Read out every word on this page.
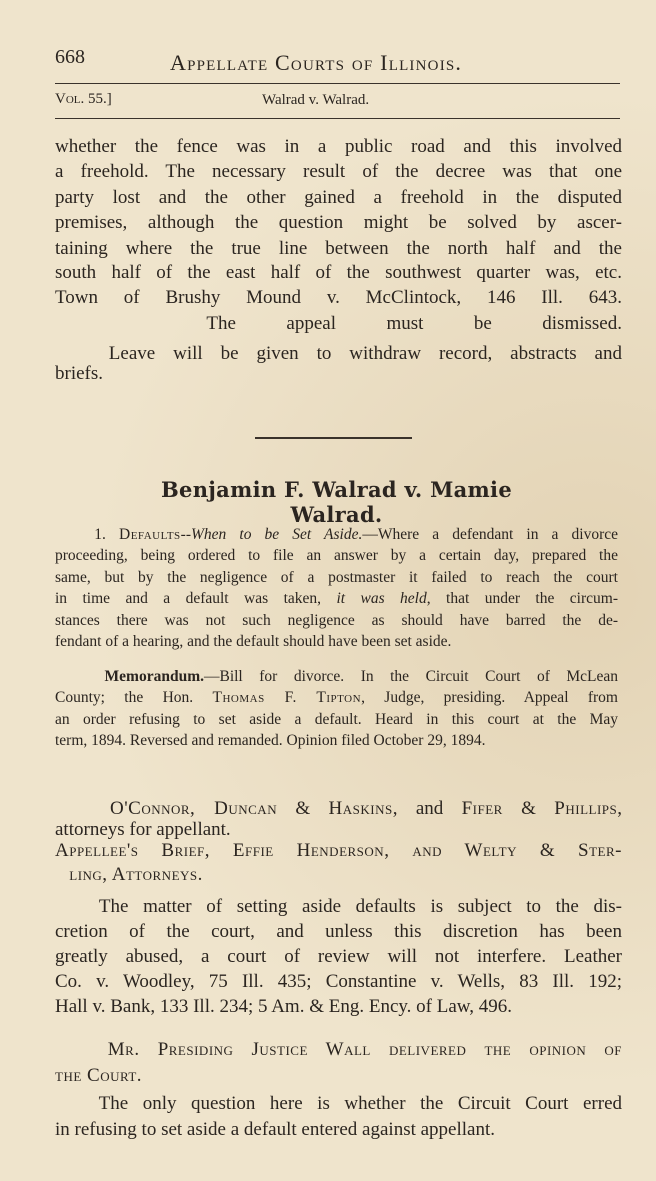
668	Appellate Courts of Illinois.
Vol. 55.]	Walrad v. Walrad.
whether the fence was in a public road and this involved
a freehold. The necessary result of the decree was that one
party lost and the other gained a freehold in the disputed
premises, although the question might be solved by ascer-
taining where the true line between the north half and the
south half of the east half of the southwest quarter was, etc.
Town of Brushy Mound v. McClintock, 146 Ill. 643.
The appeal must be dismissed.
Leave will be given to withdraw record, abstracts and
briefs.
Benjamin F. Walrad v. Mamie Walrad.
1. Defaults--When to be Set Aside.—Where a defendant in a divorce
proceeding, being ordered to file an answer by a certain day, prepared the
same, but by the negligence of a postmaster it failed to reach the court
in time and a default was taken, it was held, that under the circum-
stances there was not such negligence as should have barred the de-
fendant of a hearing, and the default should have been set aside.
Memorandum.—Bill for divorce. In the Circuit Court of McLean
County; the Hon. Thomas F. Tipton, Judge, presiding. Appeal from
an order refusing to set aside a default. Heard in this court at the May
term, 1894. Reversed and remanded. Opinion filed October 29, 1894.
O'Connor, Duncan & Haskins, and Fifer & Phillips,
attorneys for appellant.
Appellee's Brief, Effie Henderson, and Welty & Ster-
ling, Attorneys.
The matter of setting aside defaults is subject to the dis-
cretion of the court, and unless this discretion has been
greatly abused, a court of review will not interfere. Leather
Co. v. Woodley, 75 Ill. 435; Constantine v. Wells, 83 Ill. 192;
Hall v. Bank, 133 Ill. 234; 5 Am. & Eng. Ency. of Law, 496.
Mr. Presiding Justice Wall delivered the opinion of
the Court.
The only question here is whether the Circuit Court erred
in refusing to set aside a default entered against appellant.
